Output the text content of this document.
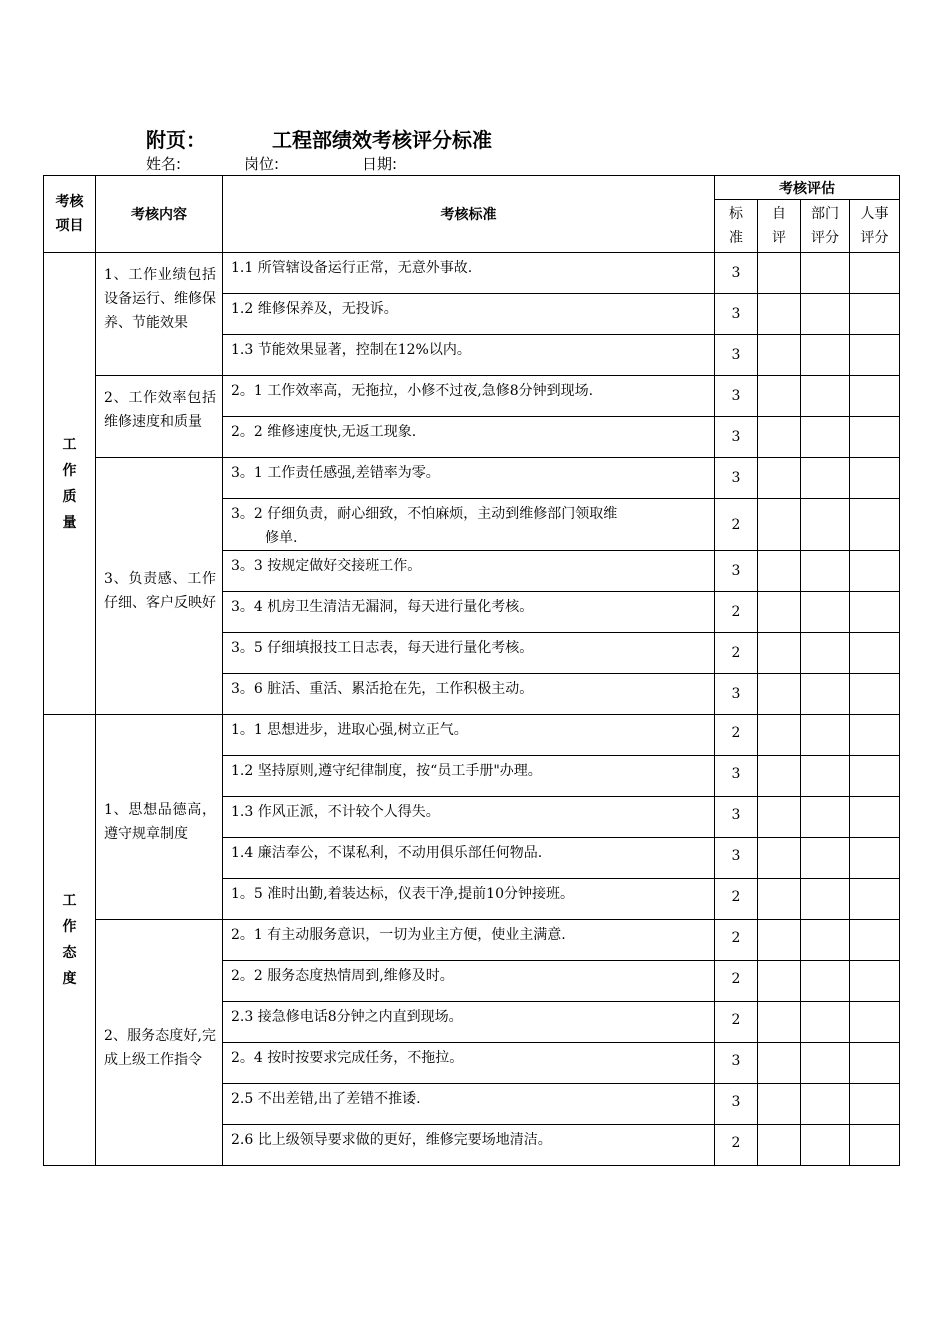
附页：	工程部绩效考核评分标准
姓名:	岗位:	日期:
考核项目	考核内容	考核标准	考核评估			
			标准	自评	部门评分	人事评分
工作质量	1、工作业绩包括设备运行、维修保养、节能效果	1.1 所管辖设备运行正常，无意外事故.	3			

		1.2 维修保养及，无投诉。	3			

		1.3 节能效果显著，控制在12%以内。	3			
	2、工作效率包括维修速度和质量	2。1 工作效率高，无拖拉，小修不过夜,急修8分钟到现场.	3			

		2。2 维修速度快,无返工现象.	3			
	3、负责感、工作仔细、客户反映好	3。1 工作责任感强,差错率为零。	3			

		3。2 仔细负责，耐心细致，不怕麻烦，主动到维修部门领取维
修单.	2			

		3。3 按规定做好交接班工作。	3			

		3。4 机房卫生清洁无漏洞，每天进行量化考核。	2			

		3。5 仔细填报技工日志表，每天进行量化考核。	2			

		3。6 脏活、重活、累活抢在先，工作积极主动。	3			
工作态度	1、思想品德高，遵守规章制度	1。1 思想进步，进取心强,树立正气。	2			

		1.2 坚持原则,遵守纪律制度，按“员工手册"办理。	3			

		1.3 作风正派，不计较个人得失。	3			

		1.4 廉洁奉公，不谋私利，不动用俱乐部任何物品.	3			

		1。5 准时出勤,着装达标，仪表干净,提前10分钟接班。	2			
	2、服务态度好,完成上级工作指令	2。1 有主动服务意识，一切为业主方便，使业主满意.	2			

		2。2 服务态度热情周到,维修及时。	2			

		2.3 接急修电话8分钟之内直到现场。	2			

		2。4 按时按要求完成任务，不拖拉。	3			

		2.5 不出差错,出了差错不推诿.	3			

		2.6 比上级领导要求做的更好，维修完要场地清洁。	2			
